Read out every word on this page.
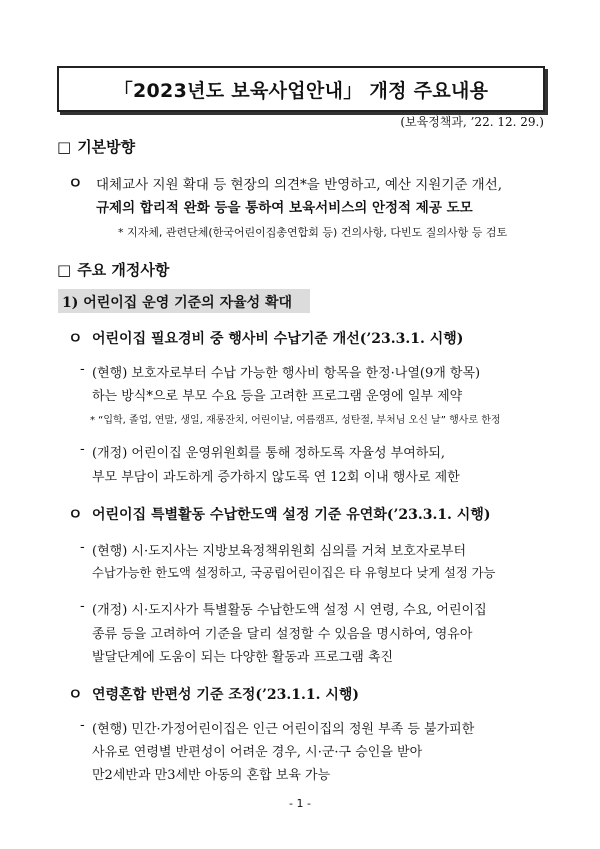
「2023년도 보육사업안내」 개정 주요내용
(보육정책과, ’22. 12. 29.)
□ 기본방향
ㅇ 대체교사 지원 확대 등 현장의 의견*을 반영하고, 예산 지원기준 개선,
규제의 합리적 완화 등을 통하여 보육서비스의 안정적 제공 도모
* 지자체, 관련단체(한국어린이집총연합회 등) 건의사항, 다빈도 질의사항 등 검토
□ 주요 개정사항
1) 어린이집 운영 기준의 자율성 확대
ㅇ 어린이집 필요경비 중 행사비 수납기준 개선(’23.3.1. 시행)
- (현행) 보호자로부터 수납 가능한 행사비 항목을 한정·나열(9개 항목)
하는 방식*으로 부모 수요 등을 고려한 프로그램 운영에 일부 제약
* “입학, 졸업, 연말, 생일, 재롱잔치, 어린이날, 여름캠프, 성탄절, 부처님 오신 날” 행사로 한정
- (개정) 어린이집 운영위원회를 통해 정하도록 자율성 부여하되,
부모 부담이 과도하게 증가하지 않도록 연 12회 이내 행사로 제한
ㅇ 어린이집 특별활동 수납한도액 설정 기준 유연화(’23.3.1. 시행)
- (현행) 시·도지사는 지방보육정책위원회 심의를 거쳐 보호자로부터
수납가능한 한도액 설정하고, 국공립어린이집은 타 유형보다 낮게 설정 가능
- (개정) 시·도지사가 특별활동 수납한도액 설정 시 연령, 수요, 어린이집
종류 등을 고려하여 기준을 달리 설정할 수 있음을 명시하여, 영유아
발달단계에 도움이 되는 다양한 활동과 프로그램 촉진
ㅇ 연령혼합 반편성 기준 조정(’23.1.1. 시행)
- (현행) 민간·가정어린이집은 인근 어린이집의 정원 부족 등 불가피한
사유로 연령별 반편성이 어려운 경우, 시·군·구 승인을 받아
만2세반과 만3세반 아동의 혼합 보육 가능
- 1 -
